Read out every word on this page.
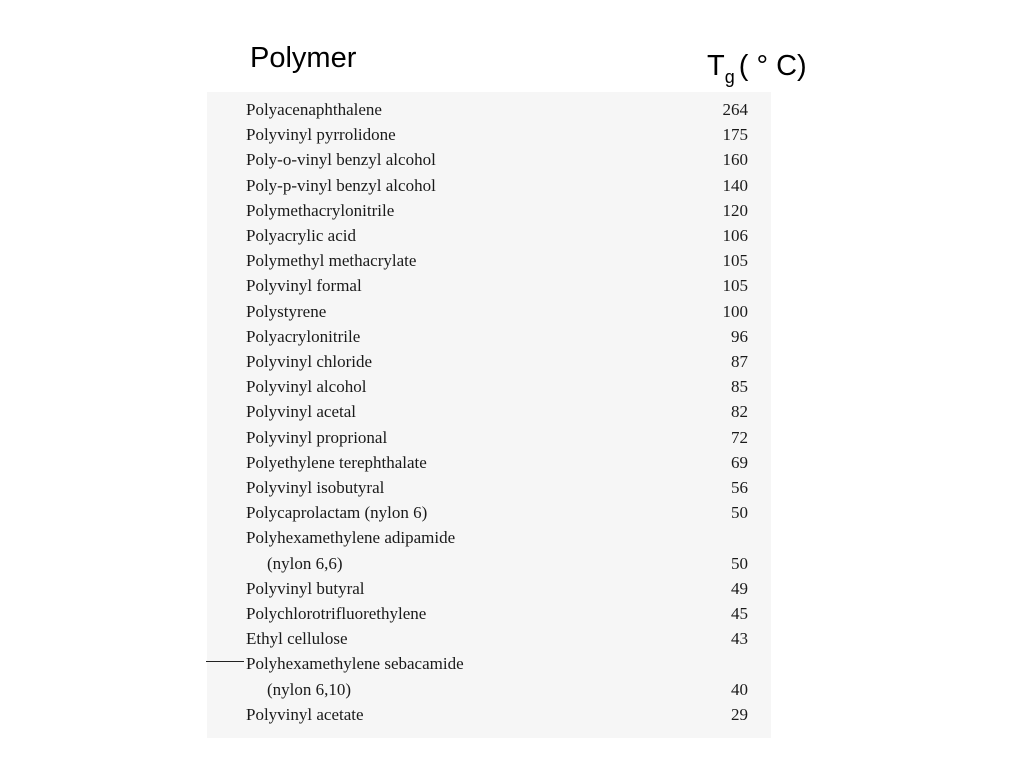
Polymer	$T_g$ ( ° C)
Polyacenaphthalene	264
Polyvinyl pyrrolidone	175
Poly-o-vinyl benzyl alcohol	160
Poly-p-vinyl benzyl alcohol	140
Polymethacrylonitrile	120
Polyacrylic acid	106
Polymethyl methacrylate	105
Polyvinyl formal	105
Polystyrene	100
Polyacrylonitrile	96
Polyvinyl chloride	87
Polyvinyl alcohol	85
Polyvinyl acetal	82
Polyvinyl proprional	72
Polyethylene terephthalate	69
Polyvinyl isobutyral	56
Polycaprolactam (nylon 6)	50
Polyhexamethylene adipamide
(nylon 6,6)	50
Polyvinyl butyral	49
Polychlorotrifluorethylene	45
Ethyl cellulose	43
Polyhexamethylene sebacamide
(nylon 6,10)	40
Polyvinyl acetate	29
